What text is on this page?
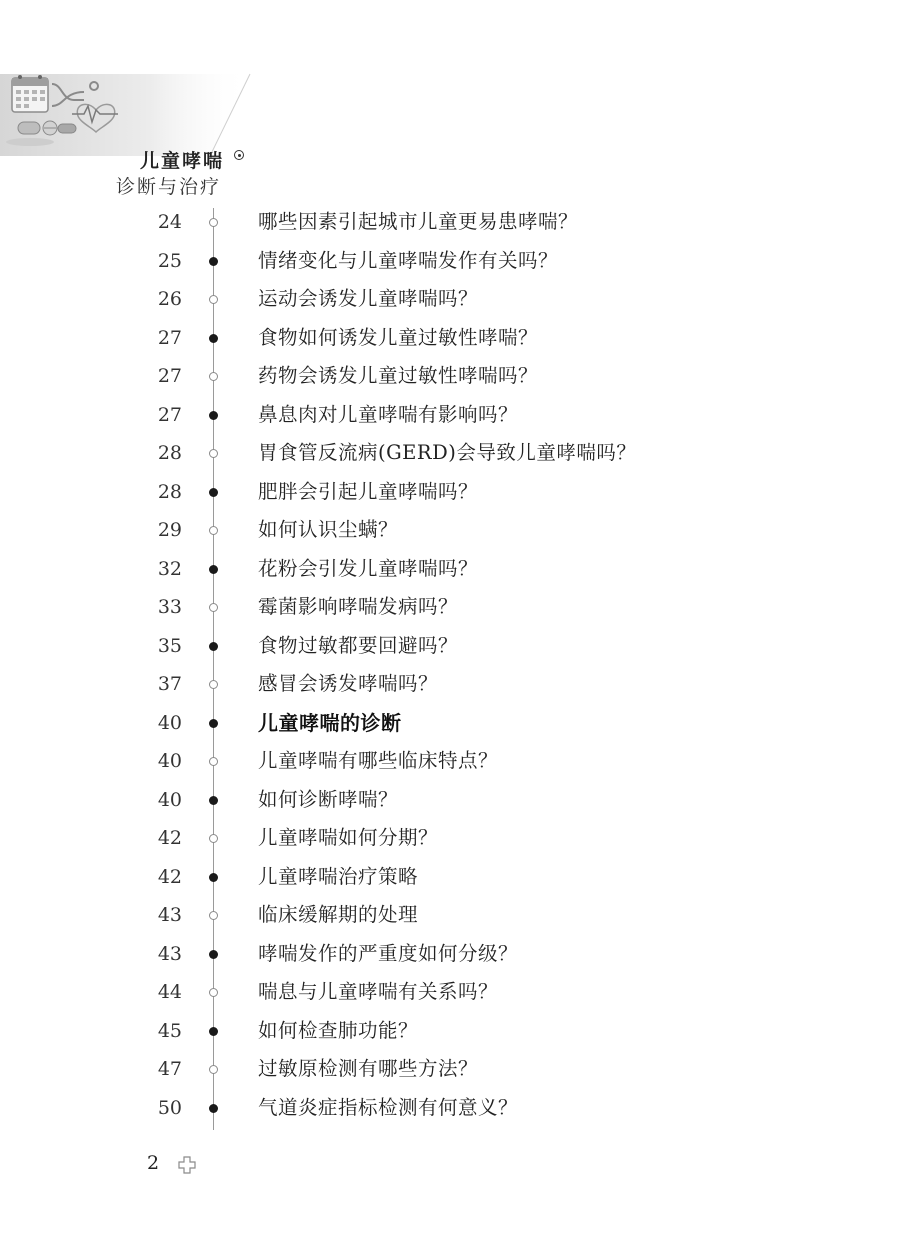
儿童哮喘
诊断与治疗
24	哪些因素引起城市儿童更易患哮喘？
25	情绪变化与儿童哮喘发作有关吗？
26	运动会诱发儿童哮喘吗？
27	食物如何诱发儿童过敏性哮喘？
27	药物会诱发儿童过敏性哮喘吗？
27	鼻息肉对儿童哮喘有影响吗？
28	胃食管反流病(GERD)会导致儿童哮喘吗？
28	肥胖会引起儿童哮喘吗？
29	如何认识尘螨？
32	花粉会引发儿童哮喘吗？
33	霉菌影响哮喘发病吗？
35	食物过敏都要回避吗？
37	感冒会诱发哮喘吗？
40	儿童哮喘的诊断
40	儿童哮喘有哪些临床特点？
40	如何诊断哮喘？
42	儿童哮喘如何分期？
42	儿童哮喘治疗策略
43	临床缓解期的处理
43	哮喘发作的严重度如何分级？
44	喘息与儿童哮喘有关系吗？
45	如何检查肺功能？
47	过敏原检测有哪些方法？
50	气道炎症指标检测有何意义？
2
